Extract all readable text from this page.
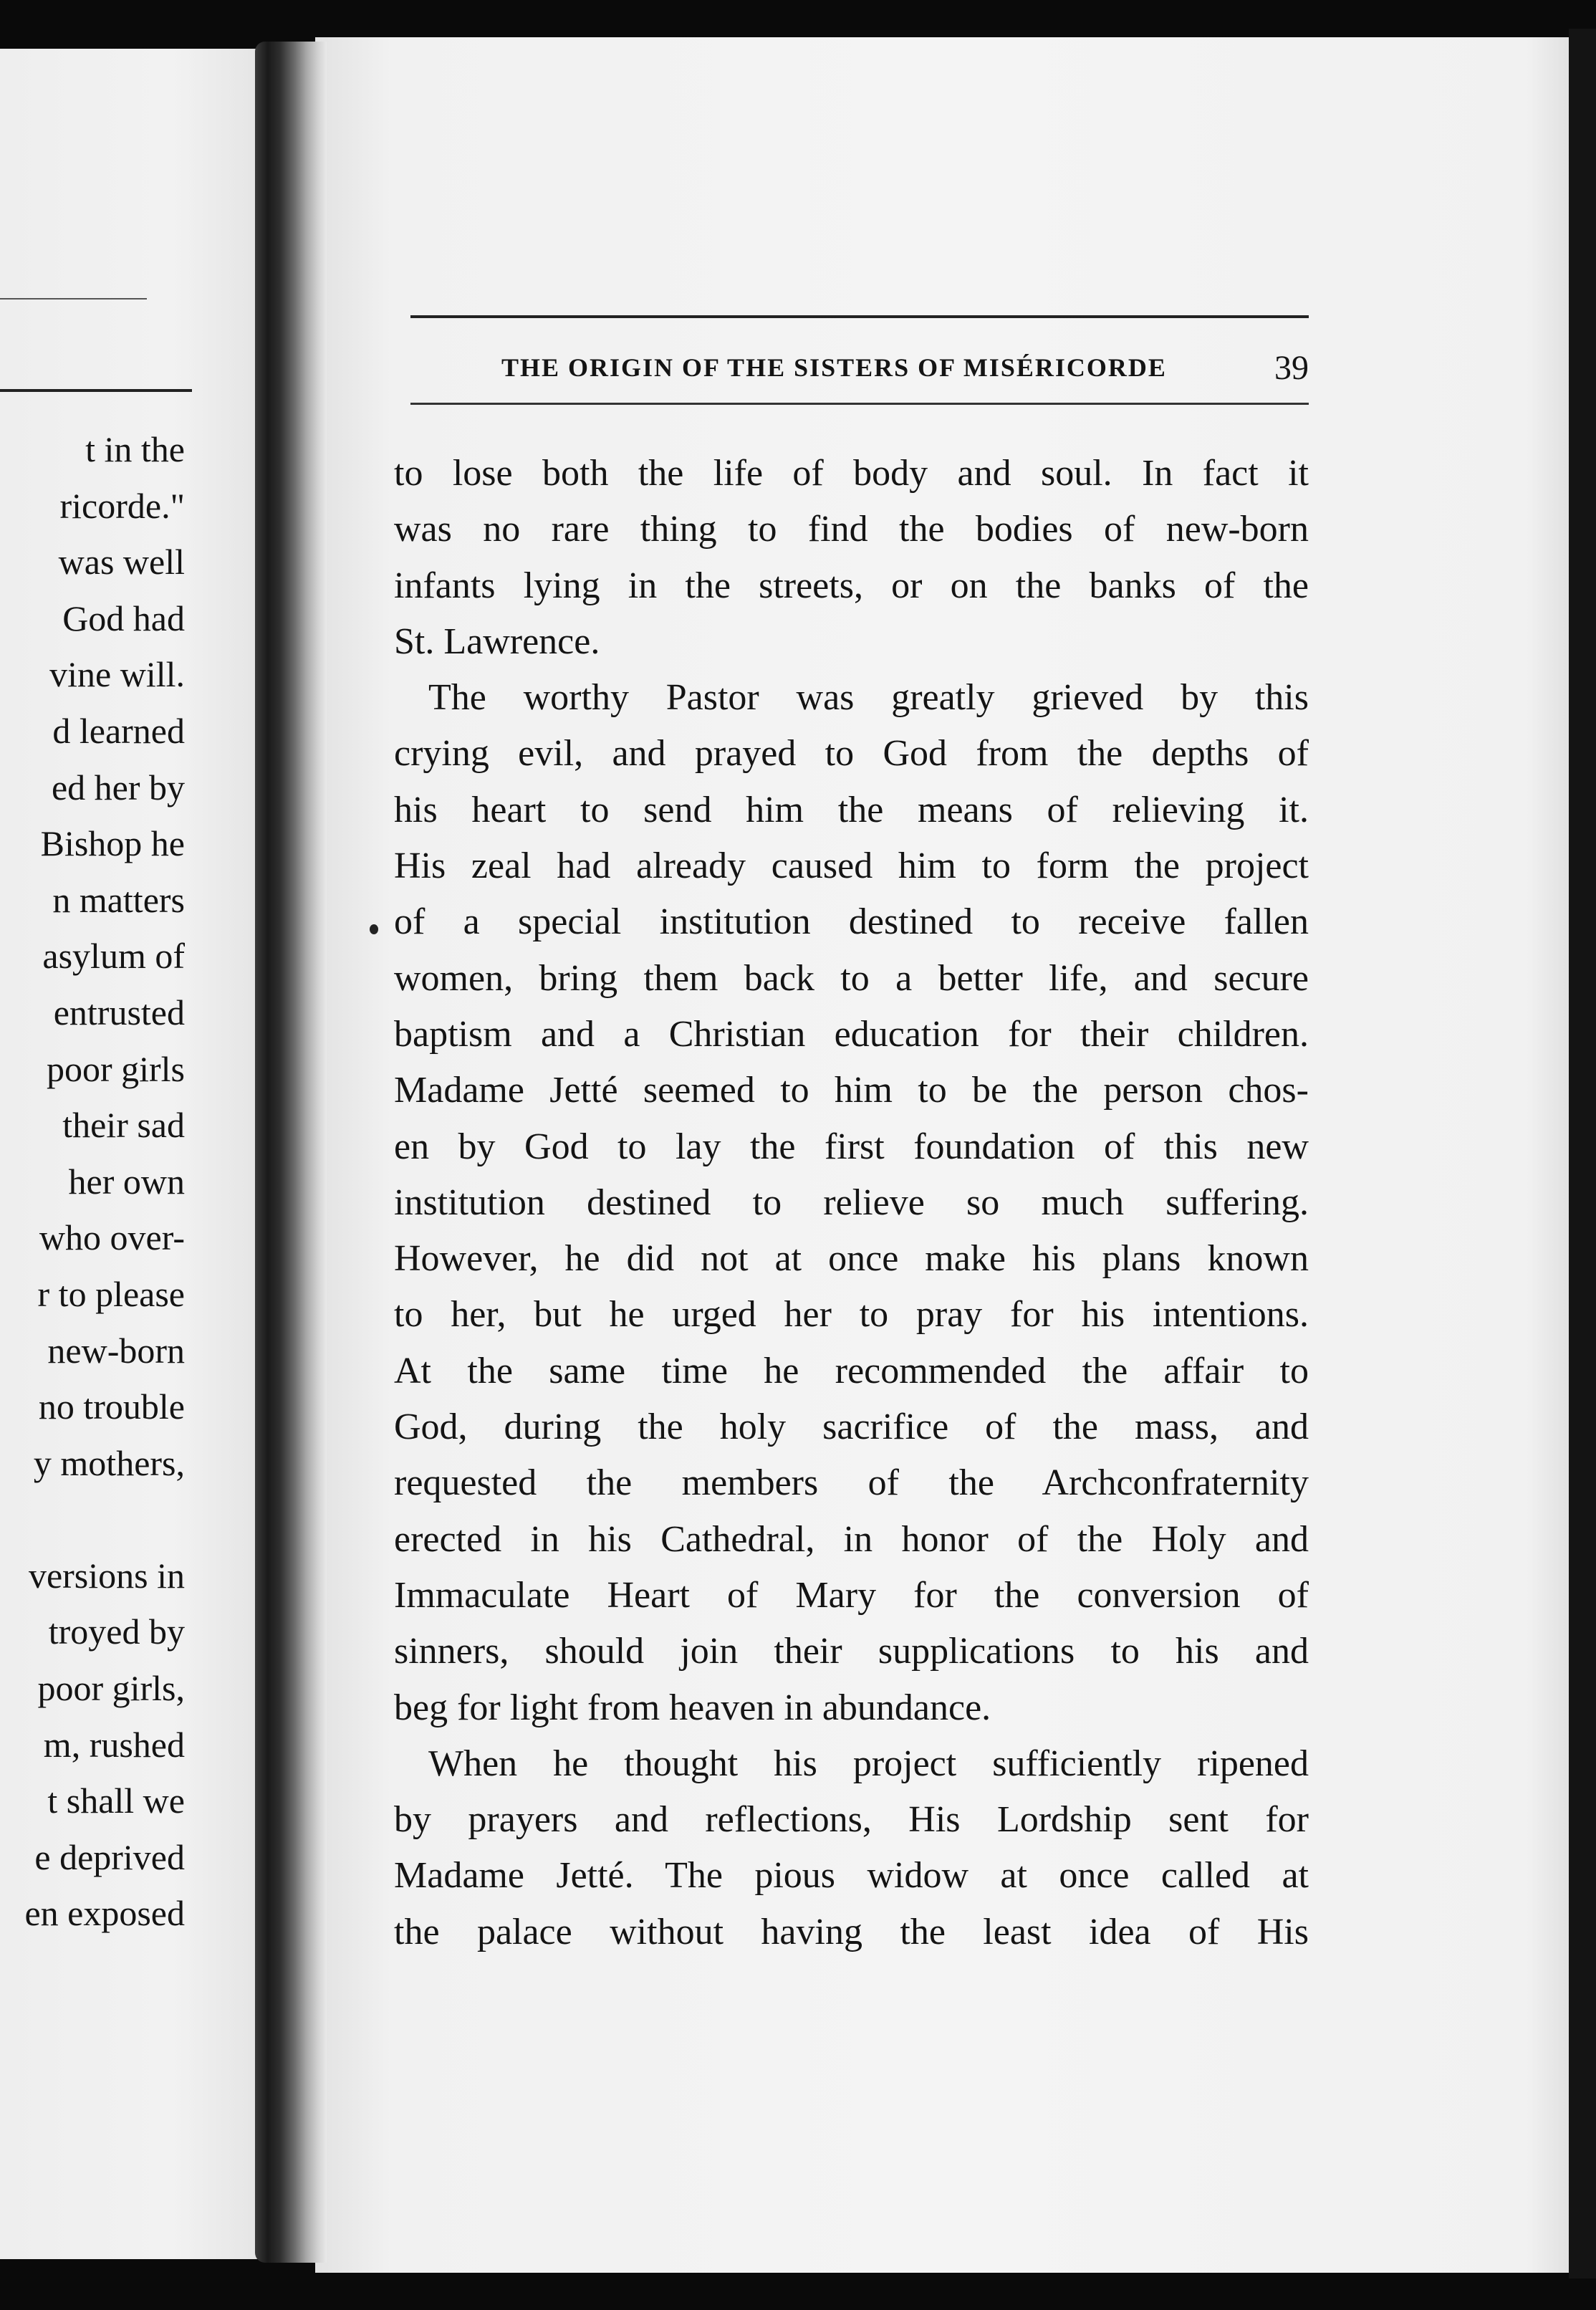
t in the
ricorde."
was well
God had
vine will.
d learned
ed her by
Bishop he
n matters
asylum of
entrusted
poor girls
their sad
her own
who over-
r to please
new-born
no trouble
y mothers,
versions in
troyed by
poor girls,
m, rushed
t shall we
e deprived
en exposed
THE ORIGIN OF THE SISTERS OF MISÉRICORDE	39
to lose both the life of body and soul. In fact it
was no rare thing to find the bodies of new-born
infants lying in the streets, or on the banks of the
St. Lawrence.
The worthy Pastor was greatly grieved by this
crying evil, and prayed to God from the depths of
his heart to send him the means of relieving it.
His zeal had already caused him to form the project
of a special institution destined to receive fallen
women, bring them back to a better life, and secure
baptism and a Christian education for their children.
Madame Jetté seemed to him to be the person chos-
en by God to lay the first foundation of this new
institution destined to relieve so much suffering.
However, he did not at once make his plans known
to her, but he urged her to pray for his intentions.
At the same time he recommended the affair to
God, during the holy sacrifice of the mass, and
requested the members of the Archconfraternity
erected in his Cathedral, in honor of the Holy and
Immaculate Heart of Mary for the conversion of
sinners, should join their supplications to his and
beg for light from heaven in abundance.
When he thought his project sufficiently ripened
by prayers and reflections, His Lordship sent for
Madame Jetté. The pious widow at once called at
the palace without having the least idea of His
